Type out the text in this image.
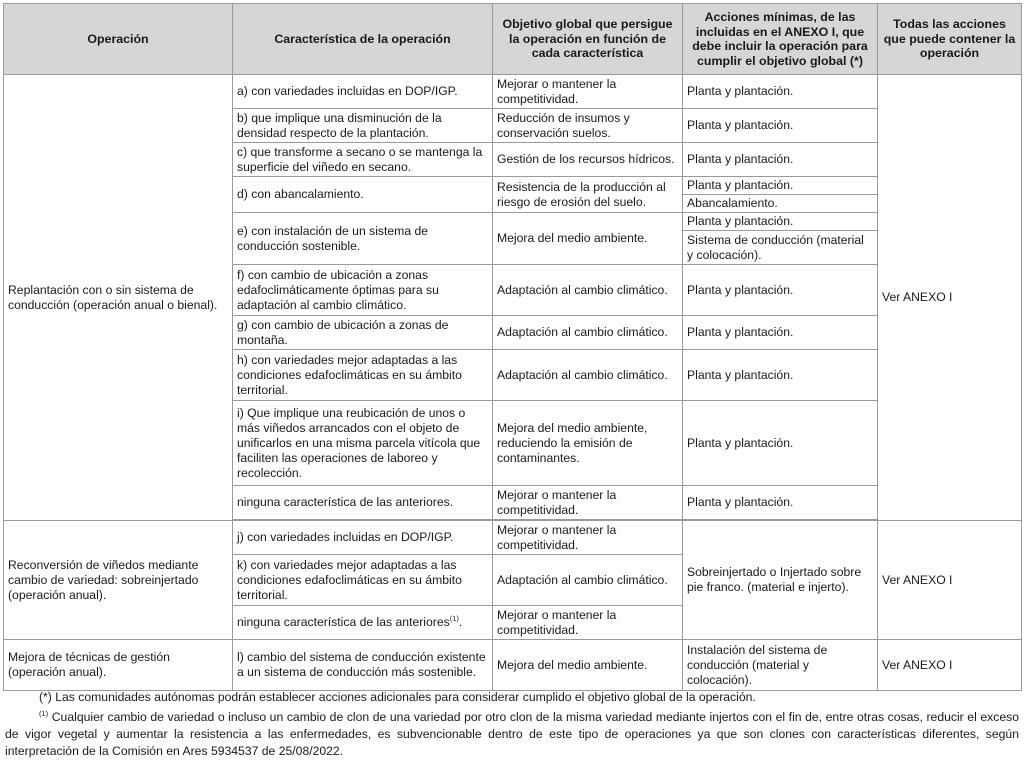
Operación	Característica de la operación	Objetivo global que persigue la operación en función de cada característica	Acciones mínimas, de las incluidas en el ANEXO I, que debe incluir la operación para cumplir el objetivo global (*)	Todas las acciones que puede contener la operación
Replantación con o sin sistema de conducción (operación anual o bienal).	a) con variedades incluidas en DOP/IGP.	Mejorar o mantener la competitividad.	Planta y plantación.	Ver ANEXO I
	b) que implique una disminución de la densidad respecto de la plantación.	Reducción de insumos y conservación suelos.	Planta y plantación.	
	c) que transforme a secano o se mantenga la superficie del viñedo en secano.	Gestión de los recursos hídricos.	Planta y plantación.	
	d) con abancalamiento.	Resistencia de la producción al riesgo de erosión del suelo.	Planta y plantación.	
			Abancalamiento.	
	e) con instalación de un sistema de conducción sostenible.	Mejora del medio ambiente.	Planta y plantación.	
			Sistema de conducción (material y colocación).	
	f) con cambio de ubicación a zonas edafoclimáticamente óptimas para su adaptación al cambio climático.	Adaptación al cambio climático.	Planta y plantación.	
	g) con cambio de ubicación a zonas de montaña.	Adaptación al cambio climático.	Planta y plantación.	
	h) con variedades mejor adaptadas a las condiciones edafoclimáticas en su ámbito territorial.	Adaptación al cambio climático.	Planta y plantación.	
	i) Que implique una reubicación de unos o más viñedos arrancados con el objeto de unificarlos en una misma parcela vitícola que faciliten las operaciones de laboreo y recolección.	Mejora del medio ambiente, reduciendo la emisión de contaminantes.	Planta y plantación.	
	ninguna característica de las anteriores.	Mejorar o mantener la competitividad.	Planta y plantación.	

Reconversión de viñedos mediante cambio de variedad: sobreinjertado (operación anual).	j) con variedades incluidas en DOP/IGP.	Mejorar o mantener la competitividad.	Sobreinjertado o Injertado sobre pie franco. (material e injerto).	Ver ANEXO I
	k) con variedades mejor adaptadas a las condiciones edafoclimáticas en su ámbito territorial.	Adaptación al cambio climático.		
	ninguna característica de las anteriores$^{(1)}$.	Mejorar o mantener la competitividad.		
Mejora de técnicas de gestión (operación anual).	l) cambio del sistema de conducción existente a un sistema de conducción más sostenible.	Mejora del medio ambiente.	Instalación del sistema de conducción (material y colocación).	Ver ANEXO I

(*) Las comunidades autónomas podrán establecer acciones adicionales para considerar cumplido el objetivo global de la operación.

$^{(1)}$ Cualquier cambio de variedad o incluso un cambio de clon de una variedad por otro clon de la misma variedad mediante injertos con el fin de, entre otras cosas, reducir el exceso de vigor vegetal y aumentar la resistencia a las enfermedades, es subvencionable dentro de este tipo de operaciones ya que son clones con características diferentes, según interpretación de la Comisión en Ares 5934537 de 25/08/2022.
